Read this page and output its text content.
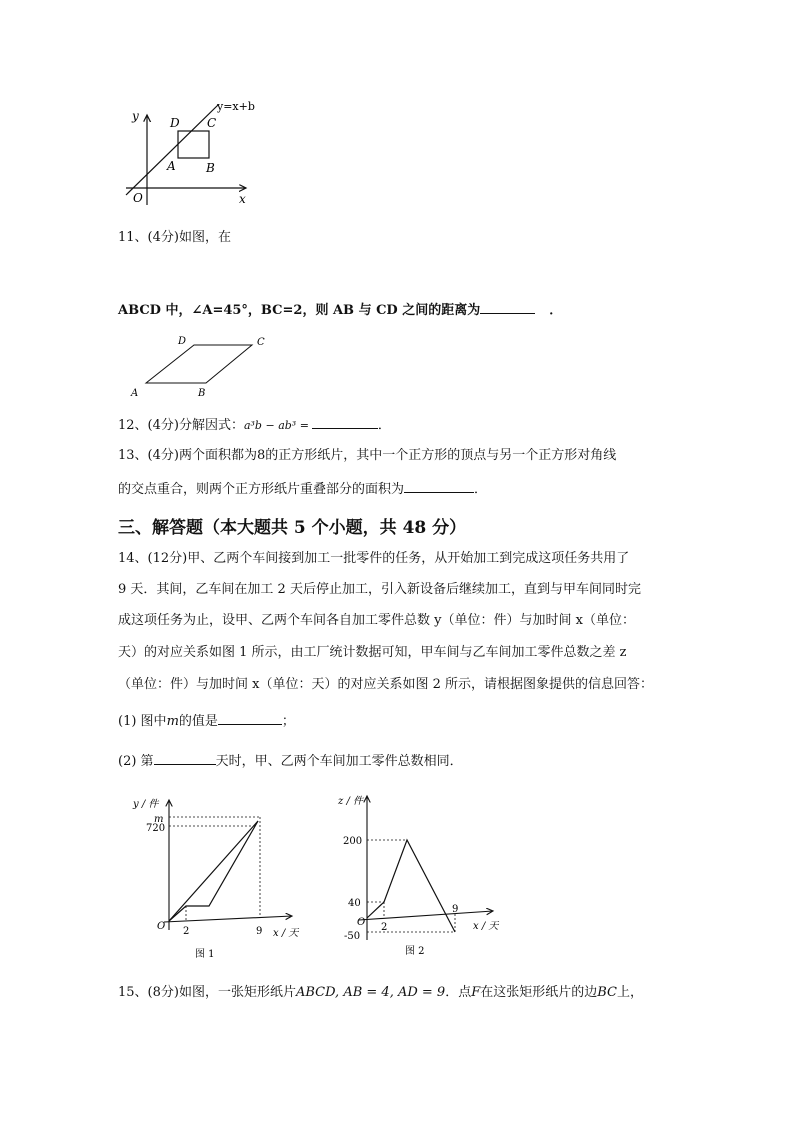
y
x
O
y=x+b
D C
A	B
11、(4分)如图，在
ABCD 中，∠A=45°，BC=2，则 AB 与 CD 之间的距离为	．
A	B
C
D
12、(4分)分解因式：a³b − ab³ =	．
13、(4分)两个面积都为8的正方形纸片，其中一个正方形的顶点与另一个正方形对角线
的交点重合，则两个正方形纸片重叠部分的面积为	．
三、解答题（本大题共 5 个小题，共 48 分）
14、(12分)甲、乙两个车间接到加工一批零件的任务，从开始加工到完成这项任务共用了
9 天．其间，乙车间在加工 2 天后停止加工，引入新设备后继续加工，直到与甲车间同时完
成这项任务为止，设甲、乙两个车间各自加工零件总数 y（单位：件）与加时间 x（单位：
天）的对应关系如图 1 所示，由工厂统计数据可知，甲车间与乙车间加工零件总数之差 z
（单位：件）与加时间 x（单位：天）的对应关系如图 2 所示，请根据图象提供的信息回答：
(1) 图中m的值是	；
(2) 第	天时，甲、乙两个车间加工零件总数相同．
y / 件
x / 天
O
m
720
2	9
图 1
z / 件
x / 天
O
200
40
-50
2
9
图 2
15、(8分)如图，一张矩形纸片ABCD, AB = 4, AD = 9．点F在这张矩形纸片的边BC上，
